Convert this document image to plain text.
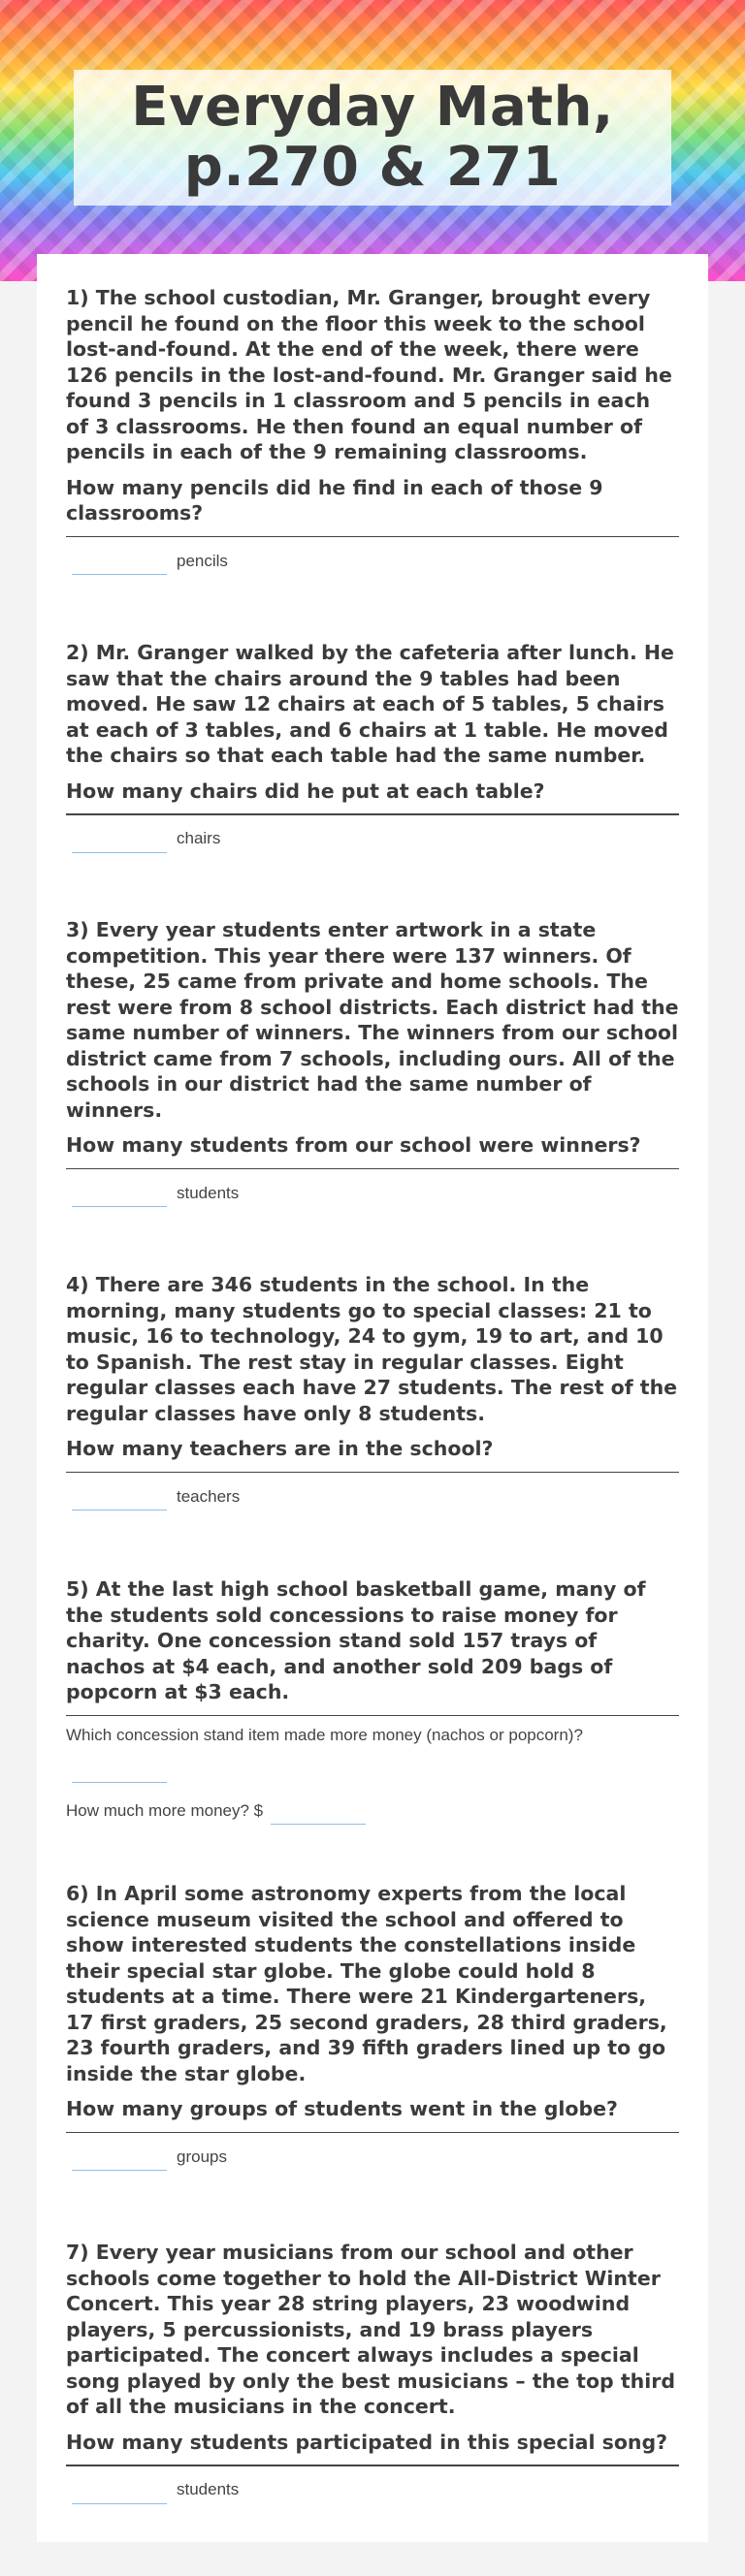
Everyday Math,
p.270 & 271

1) The school custodian, Mr. Granger, brought every pencil he found on the floor this week to the school lost-and-found. At the end of the week, there were 126 pencils in the lost-and-found. Mr. Granger said he found 3 pencils in 1 classroom and 5 pencils in each of 3 classrooms. He then found an equal number of pencils in each of the 9 remaining classrooms.

How many pencils did he find in each of those 9 classrooms?

pencils

2) Mr. Granger walked by the cafeteria after lunch. He saw that the chairs around the 9 tables had been moved. He saw 12 chairs at each of 5 tables, 5 chairs at each of 3 tables, and 6 chairs at 1 table. He moved the chairs so that each table had the same number.

How many chairs did he put at each table?

chairs

3) Every year students enter artwork in a state competition. This year there were 137 winners. Of these, 25 came from private and home schools. The rest were from 8 school districts. Each district had the same number of winners. The winners from our school district came from 7 schools, including ours. All of the schools in our district had the same number of winners.

How many students from our school were winners?

students

4) There are 346 students in the school. In the morning, many students go to special classes: 21 to music, 16 to technology, 24 to gym, 19 to art, and 10 to Spanish. The rest stay in regular classes. Eight regular classes each have 27 students. The rest of the regular classes have only 8 students.

How many teachers are in the school?

teachers

5) At the last high school basketball game, many of the students sold concessions to raise money for charity. One concession stand sold 157 trays of nachos at $4 each, and another sold 209 bags of popcorn at $3 each.

Which concession stand item made more money (nachos or popcorn)?
How much more money? $

6) In April some astronomy experts from the local science museum visited the school and offered to show interested students the constellations inside their special star globe. The globe could hold 8 students at a time. There were 21 Kindergarteners, 17 first graders, 25 second graders, 28 third graders, 23 fourth graders, and 39 fifth graders lined up to go inside the star globe.

How many groups of students went in the globe?

groups

7) Every year musicians from our school and other schools come together to hold the All-District Winter Concert. This year 28 string players, 23 woodwind players, 5 percussionists, and 19 brass players participated. The concert always includes a special song played by only the best musicians – the top third of all the musicians in the concert.

How many students participated in this special song?

students
